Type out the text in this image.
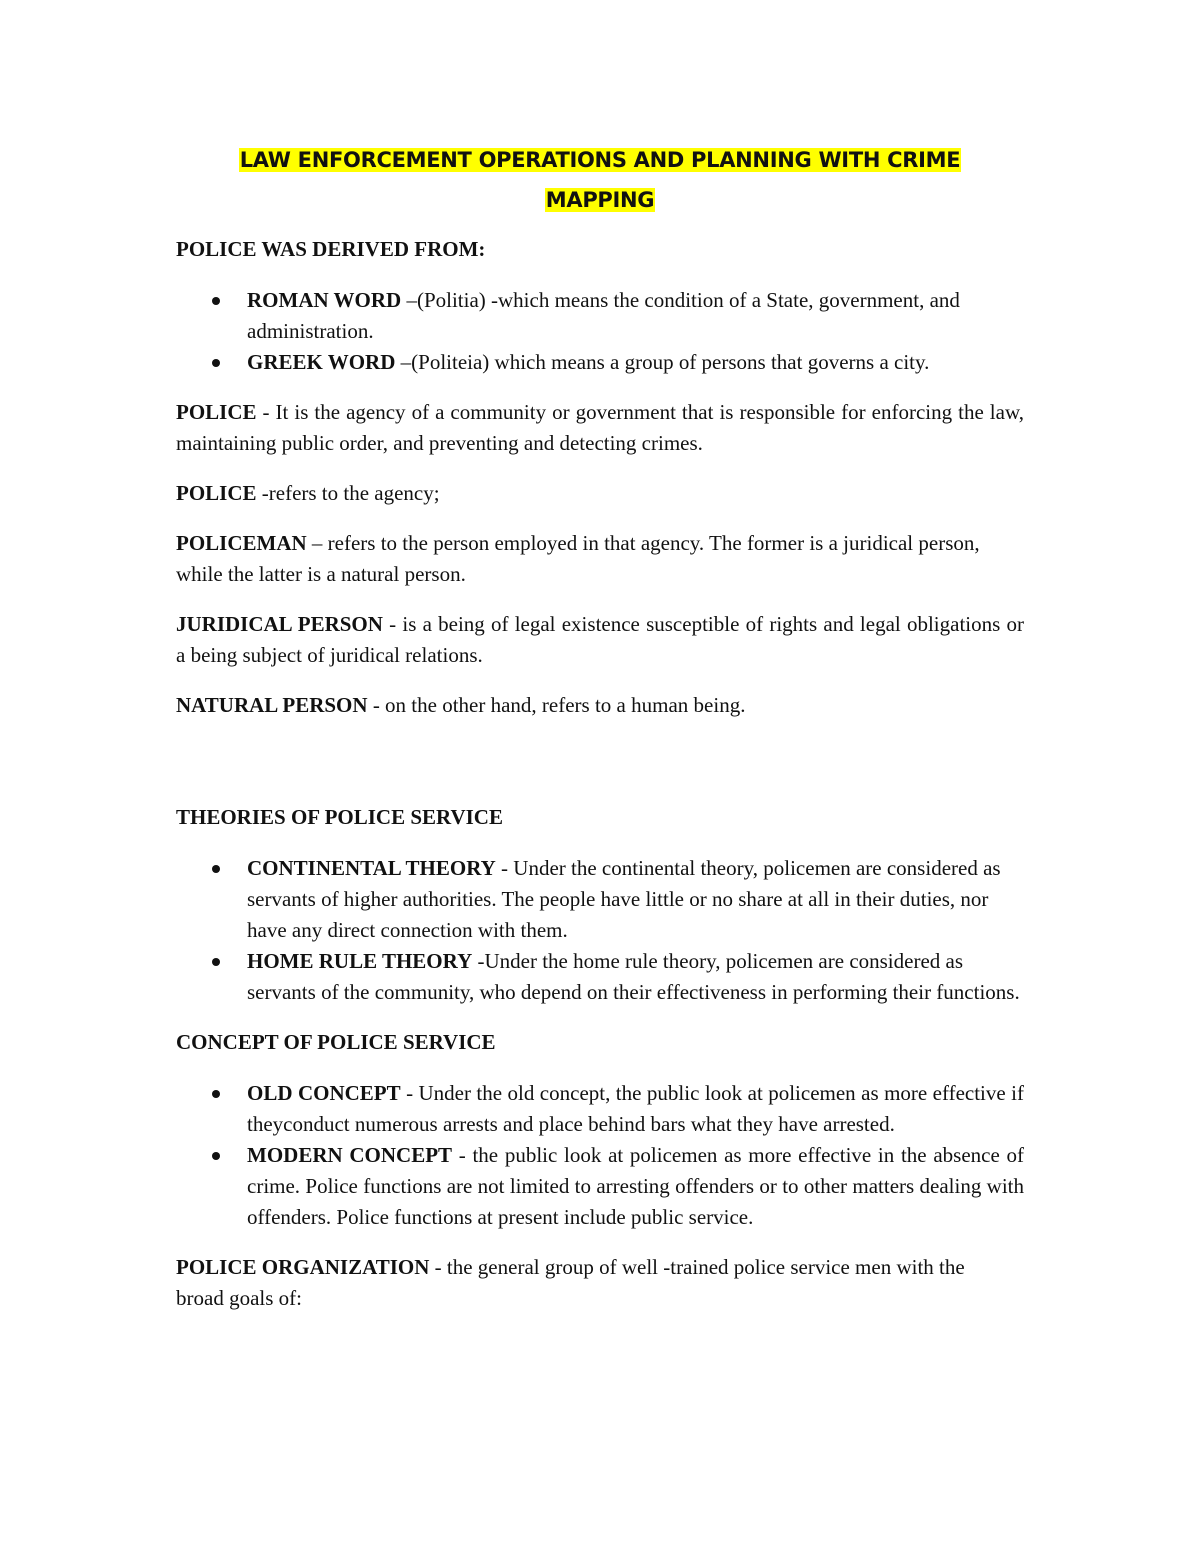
LAW ENFORCEMENT OPERATIONS AND PLANNING WITH CRIME
MAPPING
POLICE WAS DERIVED FROM:
ROMAN WORD –(Politia) -which means the condition of a State, government, and administration.
GREEK WORD –(Politeia) which means a group of persons that governs a city.

POLICE - It is the agency of a community or government that is responsible for enforcing the law, maintaining public order, and preventing and detecting crimes.

POLICE -refers to the agency;

POLICEMAN – refers to the person employed in that agency. The former is a juridical person, while the latter is a natural person.

JURIDICAL PERSON - is a being of legal existence susceptible of rights and legal obligations or a being subject of juridical relations.

NATURAL PERSON - on the other hand, refers to a human being.

THEORIES OF POLICE SERVICE
CONTINENTAL THEORY - Under the continental theory, policemen are considered as servants of higher authorities. The people have little or no share at all in their duties, nor have any direct connection with them.
HOME RULE THEORY -Under the home rule theory, policemen are considered as servants of the community, who depend on their effectiveness in performing their functions.
CONCEPT OF POLICE SERVICE
OLD CONCEPT - Under the old concept, the public look at policemen as more effective if theyconduct numerous arrests and place behind bars what they have arrested.
MODERN CONCEPT - the public look at policemen as more effective in the absence of crime. Police functions are not limited to arresting offenders or to other matters dealing with offenders. Police functions at present include public service.

POLICE ORGANIZATION - the general group of well -trained police service men with the broad goals of:
